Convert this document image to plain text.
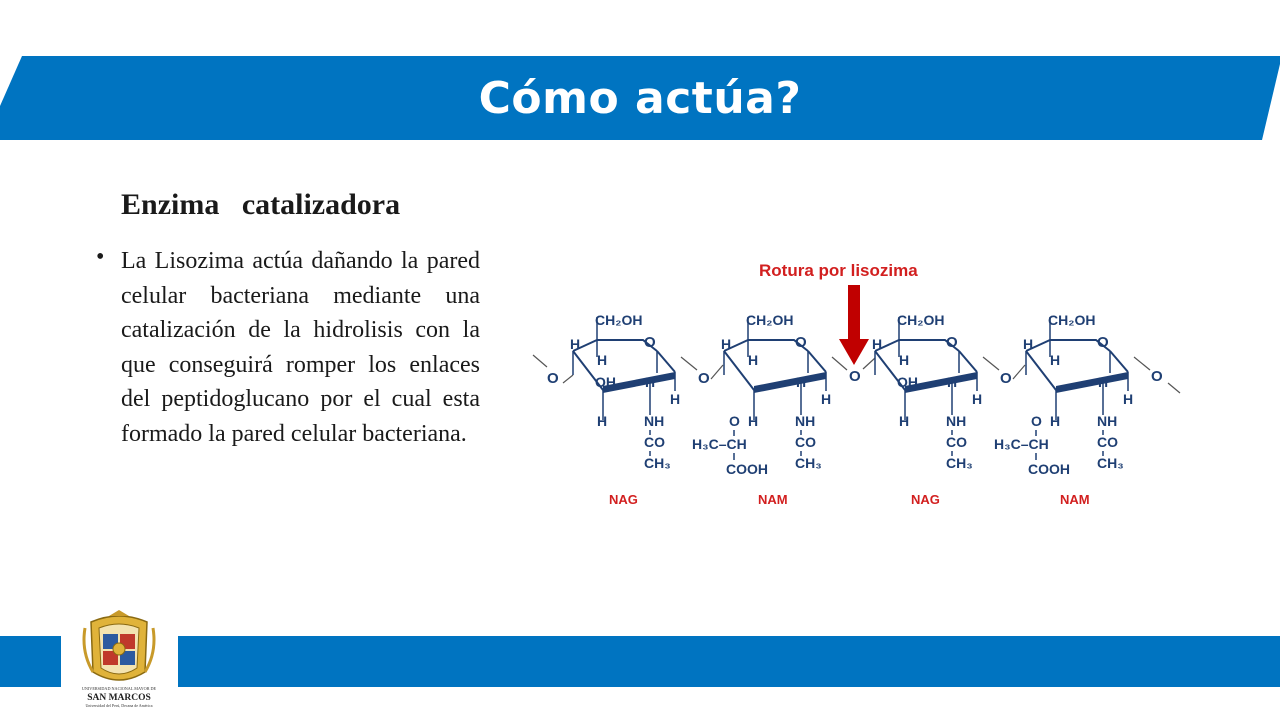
Cómo actúa?
Enzima   catalizadora
• La Lisozima actúa dañando la pared celular bacteriana mediante una catalización de la hidrolisis con la que conseguirá romper los enlaces del peptidoglucano por el cual esta formado la pared celular bacteriana.
Rotura por lisozima
O	O	O	O	O
CH₂OH
O
H
H
OH H
H
H	NH
CO
CH₃
NAG
CH₂OH
O
H
H
H
H
O H	NH
CO
CH₃
H₃C–CH
COOH
NAM
CH₂OH
O
H
H
OH H
H
H	NH
CO
CH₃
NAG
CH₂OH
O
H
H
H
H
O H	NH
CO
CH₃
H₃C–CH
COOH
NAM
UNIVERSIDAD NACIONAL MAYOR DE
SAN MARCOS
Universidad del Perú, Decana de América
